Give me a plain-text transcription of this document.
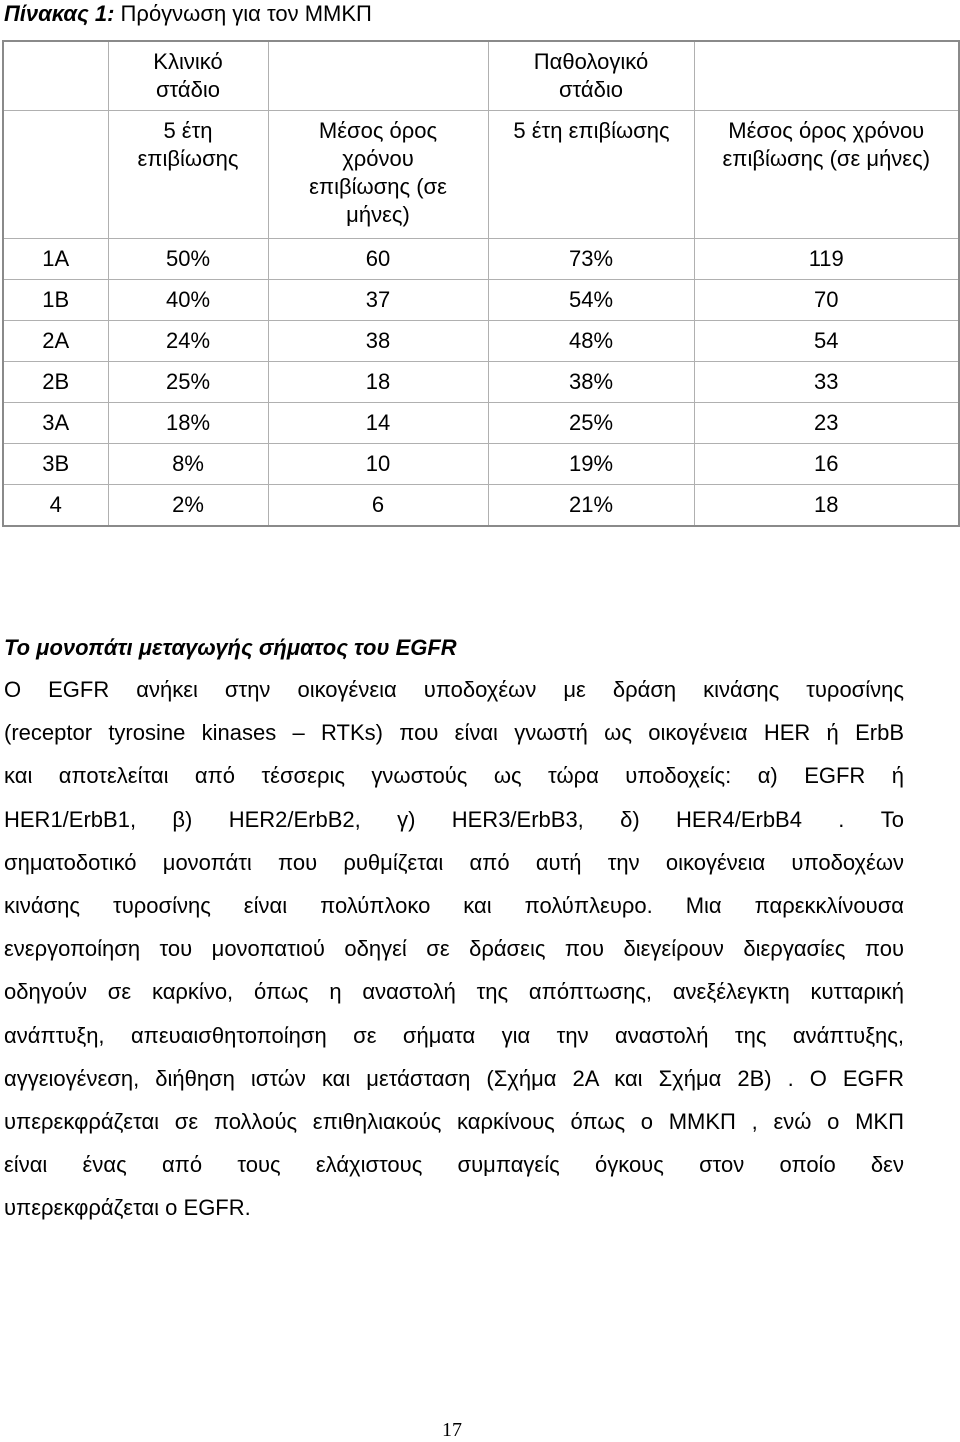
Πίνακας 1: Πρόγνωση για τον ΜΜΚΠ

	Κλινικό στάδιο		Παθολογικό στάδιο	

	5 έτη επιβίωσης	Μέσος όρος χρόνου επιβίωσης (σε μήνες)	5 έτη επιβίωσης	Μέσος όρος χρόνου επιβίωσης (σε μήνες)

1A	50%	60	73%	119
1B	40%	37	54%	70
2A	24%	38	48%	54
2B	25%	18	38%	33
3A	18%	14	25%	23
3B	8%	10	19%	16
4	2%	6	21%	18
Το μονοπάτι μεταγωγής σήματος του EGFR
Ο EGFR ανήκει στην οικογένεια υποδοχέων με δράση κινάσης τυροσίνης
(receptor tyrosine kinases – RTKs) που είναι γνωστή ως οικογένεια HER ή ErbB
και αποτελείται από τέσσερις γνωστούς ως τώρα υποδοχείς: α) EGFR ή
HER1/ErbB1, β) HER2/ErbB2, γ) HER3/ErbB3, δ) HER4/ErbB4 . Το
σηματοδοτικό μονοπάτι που ρυθμίζεται από αυτή την οικογένεια υποδοχέων
κινάσης τυροσίνης είναι πολύπλοκο και πολύπλευρο. Μια παρεκκλίνουσα
ενεργοποίηση του μονοπατιού οδηγεί σε δράσεις που διεγείρουν διεργασίες που
οδηγούν σε καρκίνο, όπως η αναστολή της απόπτωσης, ανεξέλεγκτη κυτταρική
ανάπτυξη, απευαισθητοποίηση σε σήματα για την αναστολή της ανάπτυξης,
αγγειογένεση, διήθηση ιστών και μετάσταση (Σχήμα 2Α και Σχήμα 2Β) . Ο EGFR
υπερεκφράζεται σε πολλούς επιθηλιακούς καρκίνους όπως ο ΜΜΚΠ , ενώ ο ΜΚΠ
είναι ένας από τους ελάχιστους συμπαγείς όγκους στον οποίο δεν
υπερεκφράζεται ο EGFR.
17
